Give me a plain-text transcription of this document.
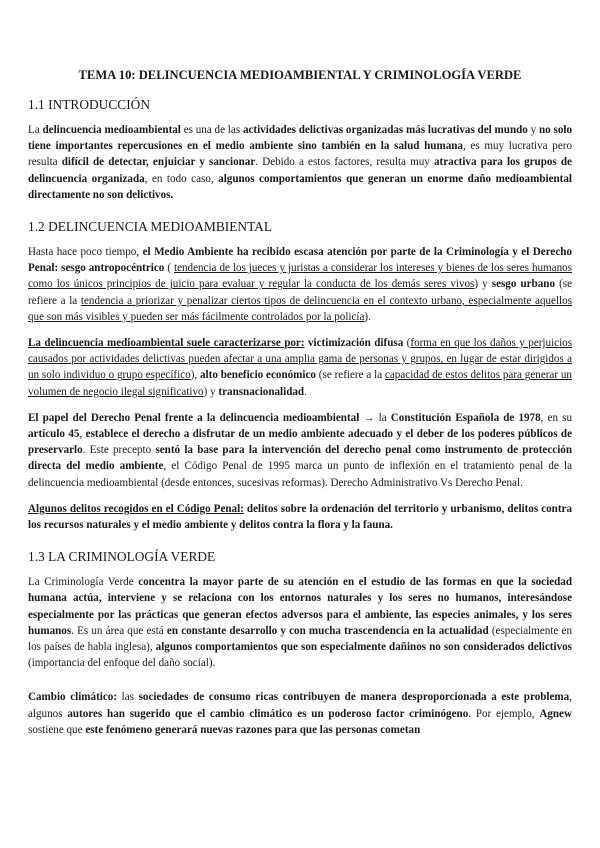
TEMA 10: DELINCUENCIA MEDIOAMBIENTAL Y CRIMINOLOGÍA VERDE
1.1 INTRODUCCIÓN

La delincuencia medioambiental es una de las actividades delictivas organizadas más lucrativas del mundo y no solo tiene importantes repercusiones en el medio ambiente sino también en la salud humana, es muy lucrativa pero resulta difícil de detectar, enjuiciar y sancionar. Debido a estos factores, resulta muy atractiva para los grupos de delincuencia organizada, en todo caso, algunos comportamientos que generan un enorme daño medioambiental directamente no son delictivos.

1.2 DELINCUENCIA MEDIOAMBIENTAL

Hasta hace poco tiempo, el Medio Ambiente ha recibido escasa atención por parte de la Criminología y el Derecho Penal: sesgo antropocéntrico ( tendencia de los jueces y juristas a considerar los intereses y bienes de los seres humanos como los únicos principios de juicio para evaluar y regular la conducta de los demás seres vivos) y sesgo urbano (se refiere a la tendencia a priorizar y penalizar ciertos tipos de delincuencia en el contexto urbano, especialmente aquellos que son más visibles y pueden ser más fácilmente controlados por la policía).

La delincuencia medioambiental suele caracterizarse por: victimización difusa (forma en que los daños y perjuicios causados por actividades delictivas pueden afectar a una amplia gama de personas y grupos, en lugar de estar dirigidos a un solo individuo o grupo específico), alto beneficio económico (se refiere a la capacidad de estos delitos para generar un volumen de negocio ilegal significativo) y transnacionalidad.

El papel del Derecho Penal frente a la delincuencia medioambiental → la Constitución Española de 1978, en su artículo 45, establece el derecho a disfrutar de un medio ambiente adecuado y el deber de los poderes públicos de preservarlo. Este precepto sentó la base para la intervención del derecho penal como instrumento de protección directa del medio ambiente, el Código Penal de 1995 marca un punto de inflexión en el tratamiento penal de la delincuencia medioambiental (desde entonces, sucesivas reformas). Derecho Administrativo Vs Derecho Penal.

Algunos delitos recogidos en el Código Penal: delitos sobre la ordenación del territorio y urbanismo, delitos contra los recursos naturales y el medio ambiente y delitos contra la flora y la fauna.

1.3 LA CRIMINOLOGÍA VERDE

La Criminología Verde concentra la mayor parte de su atención en el estudio de las formas en que la sociedad humana actúa, interviene y se relaciona con los entornos naturales y los seres no humanos, interesándose especialmente por las prácticas que generan efectos adversos para el ambiente, las especies animales, y los seres humanos. Es un área que está en constante desarrollo y con mucha trascendencia en la actualidad (especialmente en los países de habla inglesa), algunos comportamientos que son especialmente dañinos no son considerados delictivos (importancia del enfoque del daño social).

Cambio climático: las sociedades de consumo ricas contribuyen de manera desproporcionada a este problema, algunos autores han sugerido que el cambio climático es un poderoso factor criminógeno. Por ejemplo, Agnew sostiene que este fenómeno generará nuevas razones para que las personas cometan
